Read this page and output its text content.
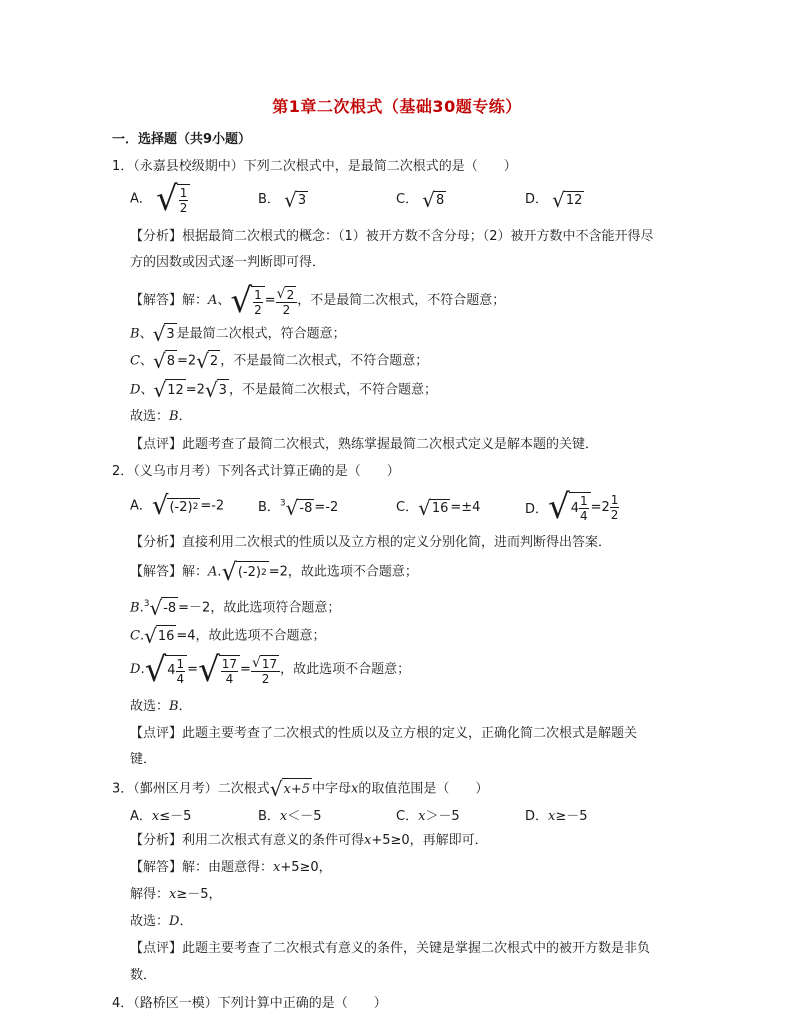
第1章二次根式（基础30题专练）
一．选择题（共9小题）
1．（永嘉县校级期中）下列二次根式中，是最简二次根式的是（　　）
A． √ $\frac{1}{2}$	B． √ 3	C． √ 8	D． √ 12
【分析】根据最简二次根式的概念：（1）被开方数不含分母；（2）被开方数中不含能开得尽
方的因数或因式逐一判断即可得．
【解答】解： A 、 √ $\frac{1}{2} = \frac{√ 2}{2}$ ，不是最简二次根式，不符合题意；
B、 √ 3 是最简二次根式，符合题意；
C、 √ 8 =2 √ 2 ，不是最简二次根式，不符合题意；
D、 √ 12 =2 √ 3 ，不是最简二次根式，不符合题意；
故选：B．
【点评】此题考查了最简二次根式，熟练掌握最简二次根式定义是解本题的关键．
2．（义乌市月考）下列各式计算正确的是（　　）
A． √ (-2) 2 =-2	B．$^3$ √ -8 =-2	C． √ 16 =±4	D． √ $4 \frac{1}{4} =2 \frac{1}{2}$
【分析】直接利用二次根式的性质以及立方根的定义分别化简，进而判断得出答案．
【解答】解：A. √ (-2) 2 =2，故此选项不合题意；
B.$^3$ √ -8 =－2，故此选项符合题意；
C. √ 16 =4，故此选项不合题意；
D . √ $4 \frac{1}{4}$ = √ $\frac{17}{4} = \frac{√ 17}{2}$ ，故此选项不合题意；
故选：B．
【点评】此题主要考查了二次根式的性质以及立方根的定义，正确化简二次根式是解题关
键．
3．（鄞州区月考）二次根式 √ x+5 中字母x的取值范围是（　　）
A．x≤－5	B．x＜－5	C．x＞－5	D．x≥－5
【分析】利用二次根式有意义的条件可得x+5≥0，再解即可．
【解答】解：由题意得：x+5≥0，
解得：x≥－5，
故选：D．
【点评】此题主要考查了二次根式有意义的条件，关键是掌握二次根式中的被开方数是非负
数．
4．（路桥区一模）下列计算中正确的是（　　）
